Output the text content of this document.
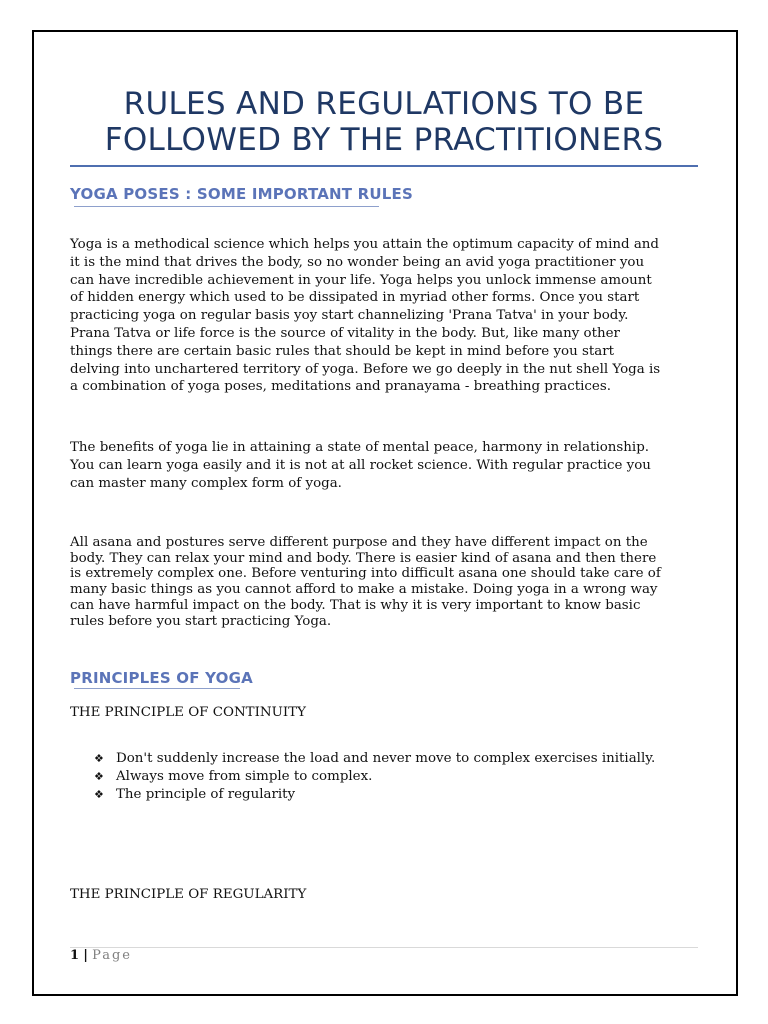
RULES AND REGULATIONS TO BE
FOLLOWED BY THE PRACTITIONERS
YOGA POSES : SOME IMPORTANT RULES
Yoga is a methodical science which helps you attain the optimum capacity of mind and
it is the mind that drives the body, so no wonder being an avid yoga practitioner you
can have incredible achievement in your life. Yoga helps you unlock immense amount
of hidden energy which used to be dissipated in myriad other forms. Once you start
practicing yoga on regular basis yoy start channelizing 'Prana Tatva' in your body.
Prana Tatva or life force is the source of vitality in the body. But, like many other
things there are certain basic rules that should be kept in mind before you start
delving into unchartered territory of yoga. Before we go deeply in the nut shell Yoga is
a combination of yoga poses, meditations and pranayama - breathing practices.
The benefits of yoga lie in attaining a state of mental peace, harmony in relationship.
You can learn yoga easily and it is not at all rocket science. With regular practice you
can master many complex form of yoga.
All asana and postures serve different purpose and they have different impact on the
body. They can relax your mind and body. There is easier kind of asana and then there
is extremely complex one. Before venturing into difficult asana one should take care of
many basic things as you cannot afford to make a mistake. Doing yoga in a wrong way
can have harmful impact on the body. That is why it is very important to know basic
rules before you start practicing Yoga.
PRINCIPLES OF YOGA
THE PRINCIPLE OF CONTINUITY
❖ Don't suddenly increase the load and never move to complex exercises initially.
❖ Always move from simple to complex.
❖ The principle of regularity
THE PRINCIPLE OF REGULARITY
1 | Page
